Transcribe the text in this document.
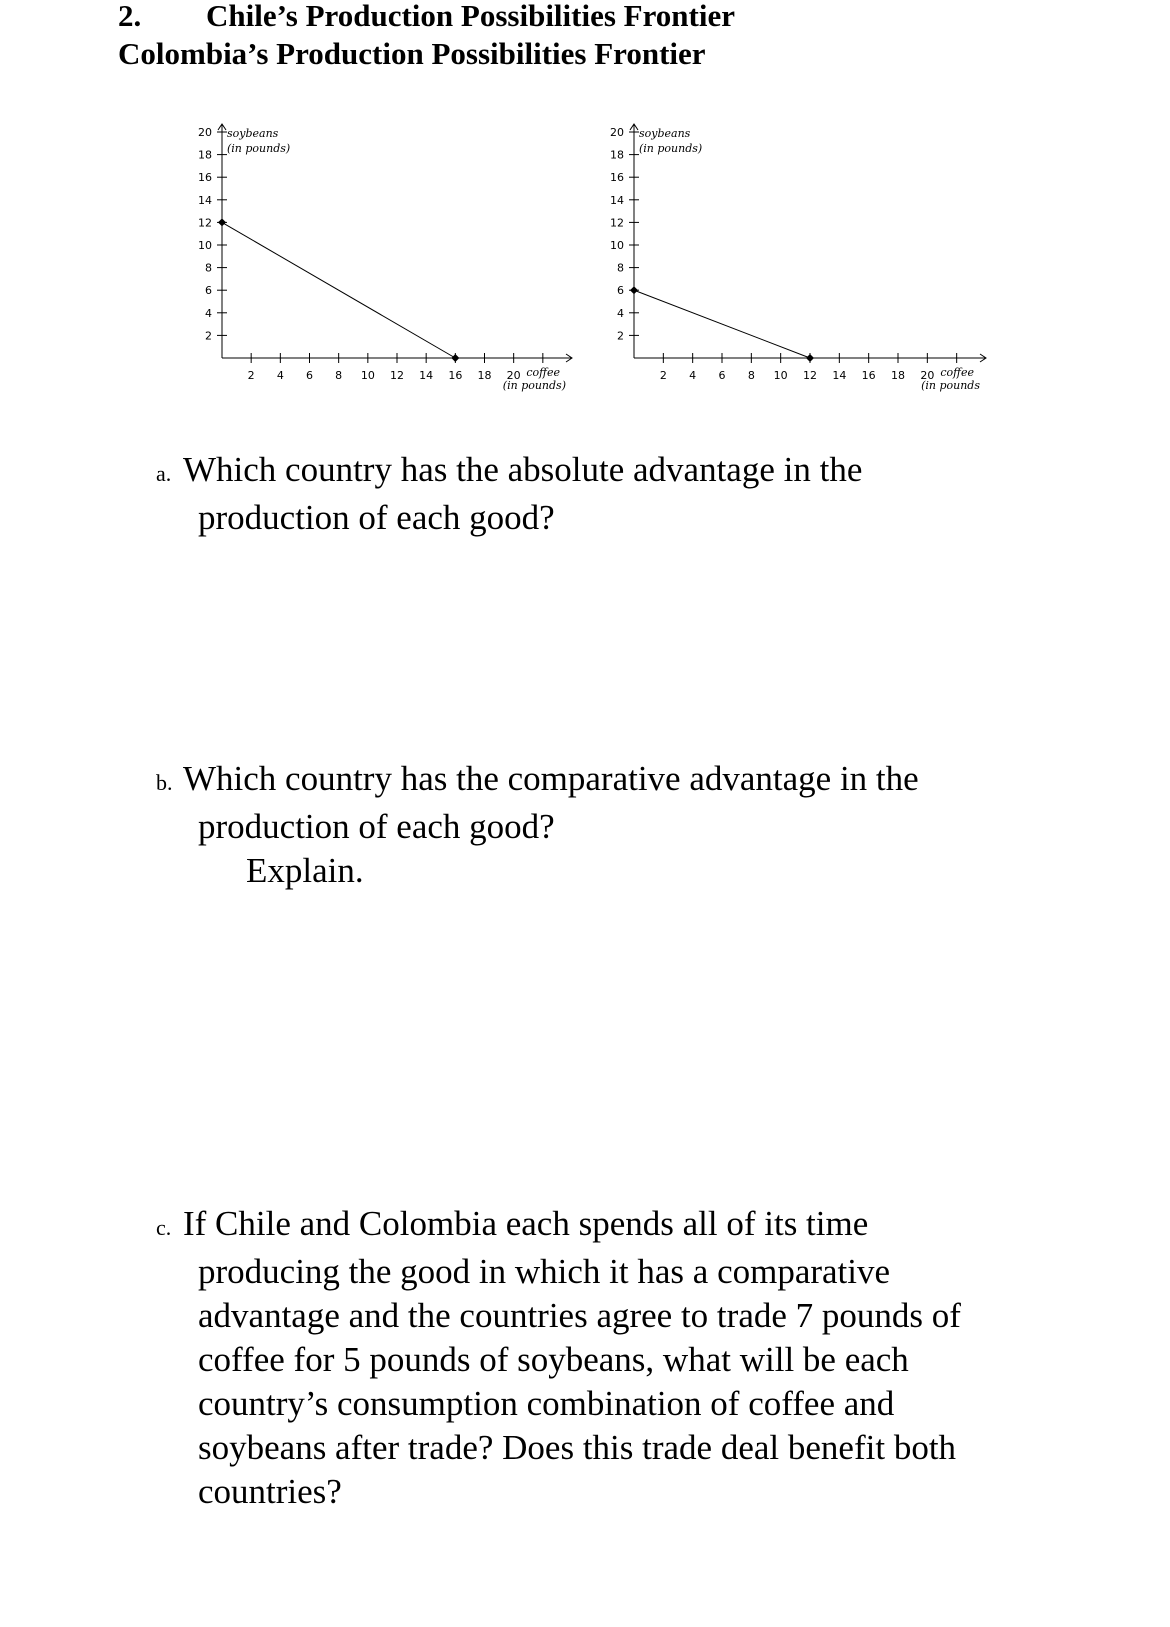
2. Chile’s Production Possibilities Frontier
Colombia’s Production Possibilities Frontier
2
4
6
8
10
12
14
16
18
20
2 4 6 8 10 12 14 16 18 20
soybeans
(in pounds)
coffee
(in pounds)
2
4
6
8
10
12
14
16
18
20
2 4 6 8 10 12 14 16 18 20
soybeans
(in pounds)
coffee
(in pounds
a. Which country has the absolute advantage in the
production of each good?
b. Which country has the comparative advantage in the
production of each good?
Explain.
c. If Chile and Colombia each spends all of its time
producing the good in which it has a comparative
advantage and the countries agree to trade 7 pounds of
coffee for 5 pounds of soybeans, what will be each
country’s consumption combination of coffee and
soybeans after trade? Does this trade deal benefit both
countries?
